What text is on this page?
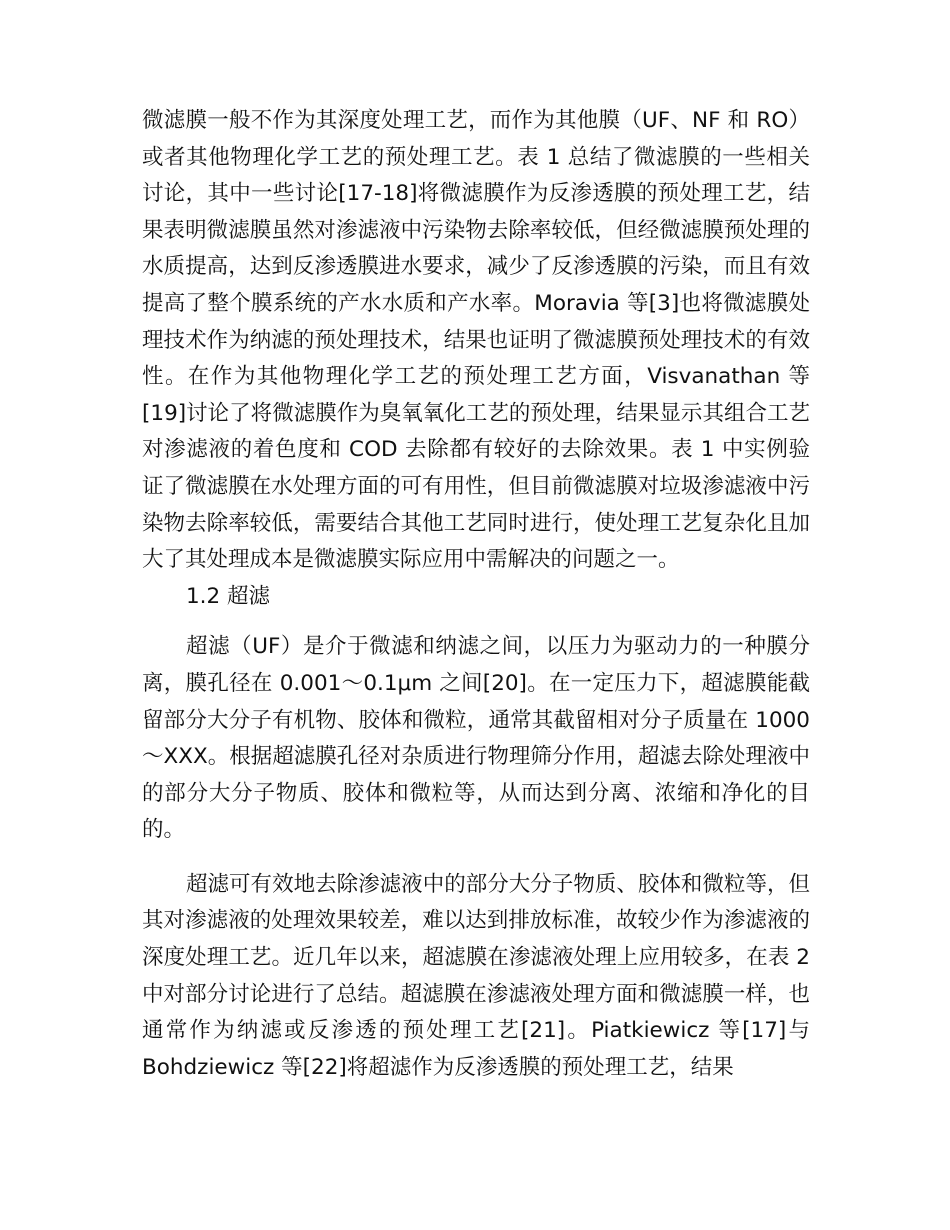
微滤膜一般不作为其深度处理工艺，而作为其他膜（UF、NF 和 RO）或者其他物理化学工艺的预处理工艺。表 1 总结了微滤膜的一些相关讨论，其中一些讨论[17-18]将微滤膜作为反渗透膜的预处理工艺，结果表明微滤膜虽然对渗滤液中污染物去除率较低，但经微滤膜预处理的水质提高，达到反渗透膜进水要求，减少了反渗透膜的污染，而且有效提高了整个膜系统的产水水质和产水率。Moravia 等[3]也将微滤膜处理技术作为纳滤的预处理技术，结果也证明了微滤膜预处理技术的有效性。在作为其他物理化学工艺的预处理工艺方面，Visvanathan 等[19]讨论了将微滤膜作为臭氧氧化工艺的预处理，结果显示其组合工艺对渗滤液的着色度和 COD 去除都有较好的去除效果。表 1 中实例验证了微滤膜在水处理方面的可有用性，但目前微滤膜对垃圾渗滤液中污染物去除率较低，需要结合其他工艺同时进行，使处理工艺复杂化且加大了其处理成本是微滤膜实际应用中需解决的问题之一。

1.2 超滤

超滤（UF）是介于微滤和纳滤之间，以压力为驱动力的一种膜分离，膜孔径在 0.001～0.1μm 之间[20]。在一定压力下，超滤膜能截留部分大分子有机物、胶体和微粒，通常其截留相对分子质量在 1000～XXX。根据超滤膜孔径对杂质进行物理筛分作用，超滤去除处理液中的部分大分子物质、胶体和微粒等，从而达到分离、浓缩和净化的目的。

超滤可有效地去除渗滤液中的部分大分子物质、胶体和微粒等，但其对渗滤液的处理效果较差，难以达到排放标准，故较少作为渗滤液的深度处理工艺。近几年以来，超滤膜在渗滤液处理上应用较多，在表 2 中对部分讨论进行了总结。超滤膜在渗滤液处理方面和微滤膜一样，也通常作为纳滤或反渗透的预处理工艺[21]。Piatkiewicz 等[17]与 Bohdziewicz 等[22]将超滤作为反渗透膜的预处理工艺，结果
